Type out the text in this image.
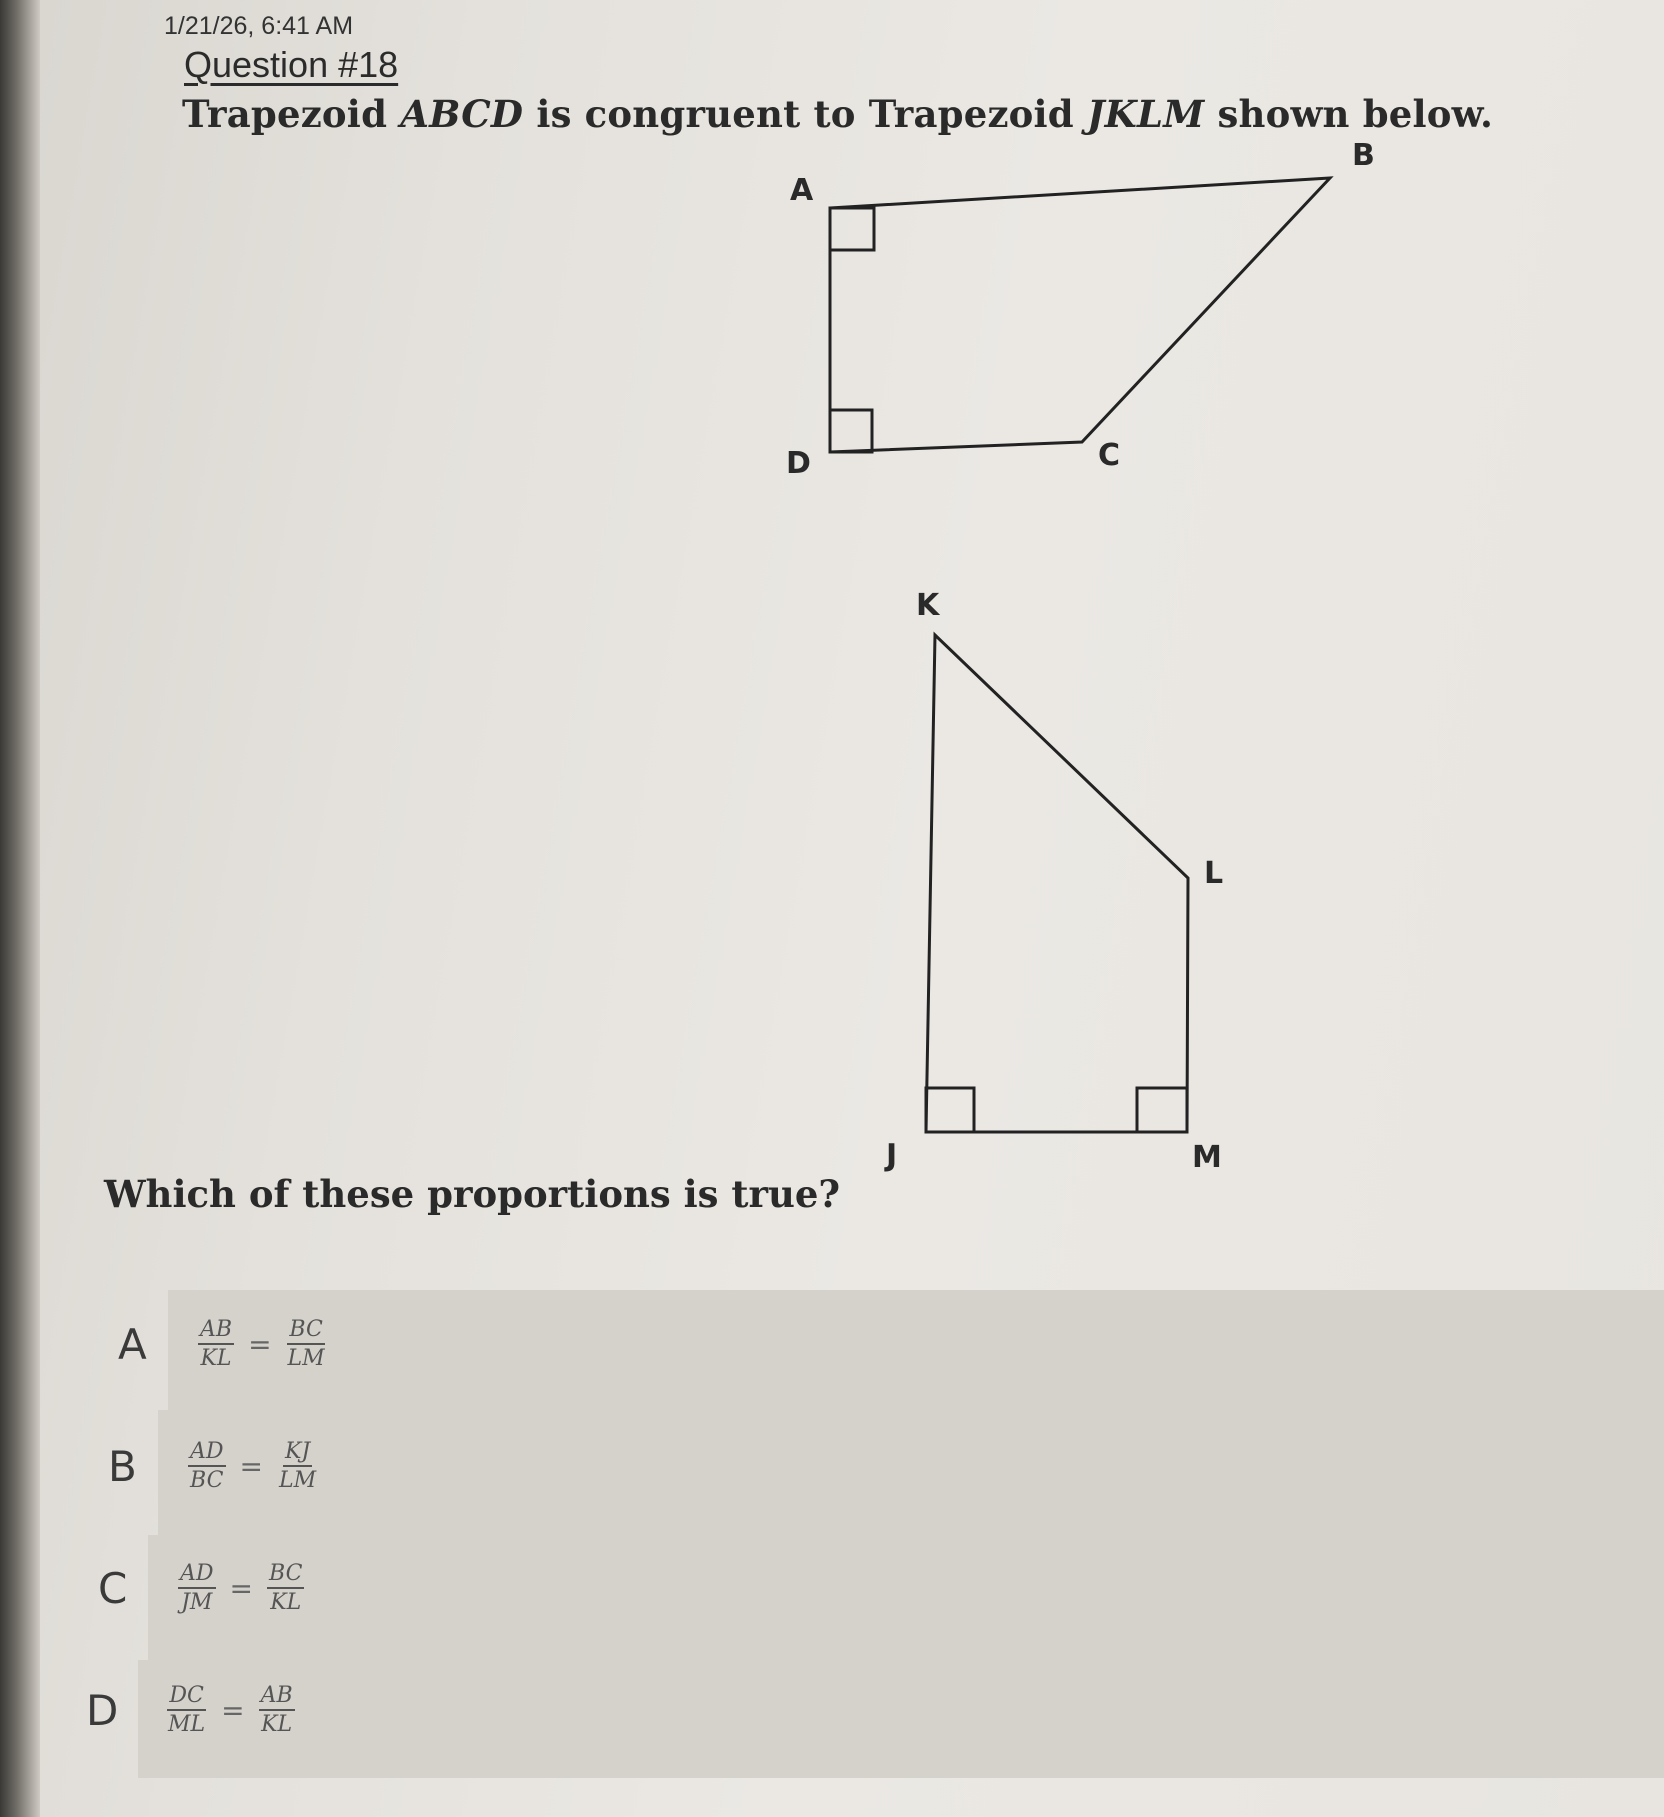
1/21/26, 6:41 AM
Question #18
Trapezoid ABCD is congruent to Trapezoid JKLM shown below.
A
B
C
D
K
L
J	M
Which of these proportions is true?
A	$\frac{AB}{KL} = \frac{BC}{LM}$
B	$\frac{AD}{BC} = \frac{KJ}{LM}$
C	$\frac{AD}{JM} = \frac{BC}{KL}$
D	$\frac{DC}{ML} = \frac{AB}{KL}$
